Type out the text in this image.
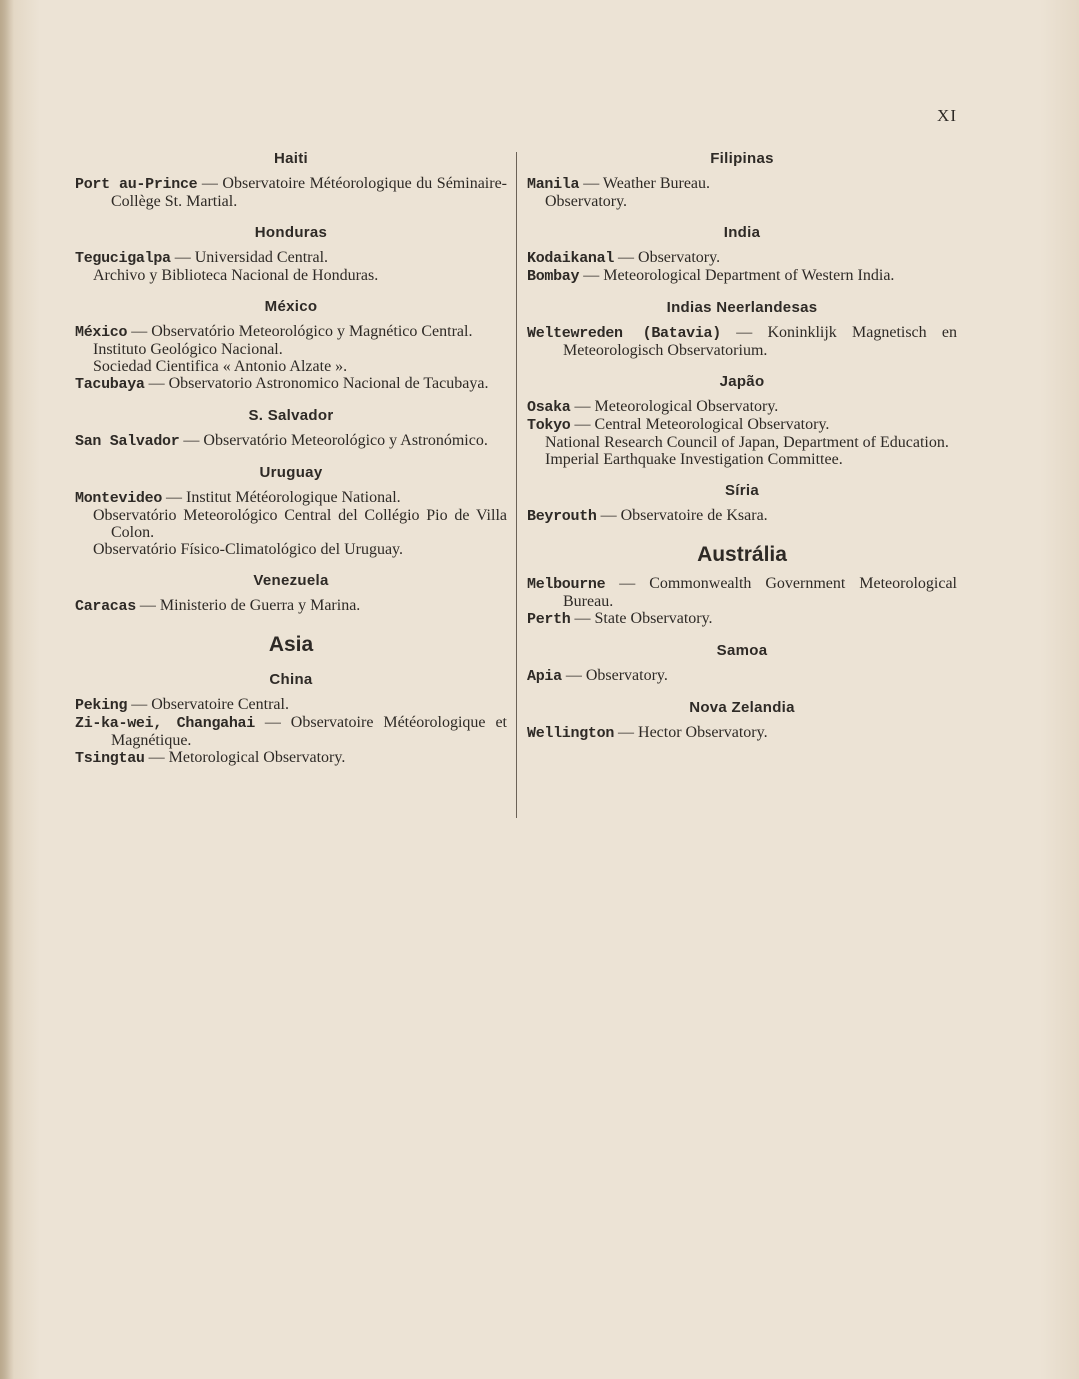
XI
Haiti

Port au-Prince — Observatoire Météorologique du Séminaire-Collège St. Martial.

Honduras

Tegucigalpa — Universidad Central.

Archivo y Biblioteca Nacional de Honduras.

México

México — Observatório Meteorológico y Magnético Central.

Instituto Geológico Nacional.

Sociedad Cientifica « Antonio Alzate ».

Tacubaya — Observatorio Astronomico Nacional de Tacubaya.

S. Salvador

San Salvador — Observatório Meteorológico y Astronómico.

Uruguay

Montevideo — Institut Météorologique National.

Observatório Meteorológico Central del Collégio Pio de Villa Colon.

Observatório Físico-Climatológico del Uruguay.

Venezuela

Caracas — Ministerio de Guerra y Marina.

Asia
China

Peking — Observatoire Central.

Zi-ka-wei, Changahai — Observatoire Météorologique et Magnétique.

Tsingtau — Metorological Observatory.

Filipinas

Manila — Weather Bureau.

Observatory.

India

Kodaikanal — Observatory.

Bombay — Meteorological Department of Western India.

Indias Neerlandesas

Weltewreden (Batavia) — Koninklijk Magnetisch en Meteorologisch Observatorium.

Japão

Osaka — Meteorological Observatory.

Tokyo — Central Meteorological Observatory.

National Research Council of Japan, Department of Education.

Imperial Earthquake Investigation Committee.

Síria

Beyrouth — Observatoire de Ksara.

Austrália

Melbourne — Commonwealth Government Meteorological Bureau.

Perth — State Observatory.

Samoa

Apia — Observatory.

Nova Zelandia

Wellington — Hector Observatory.
